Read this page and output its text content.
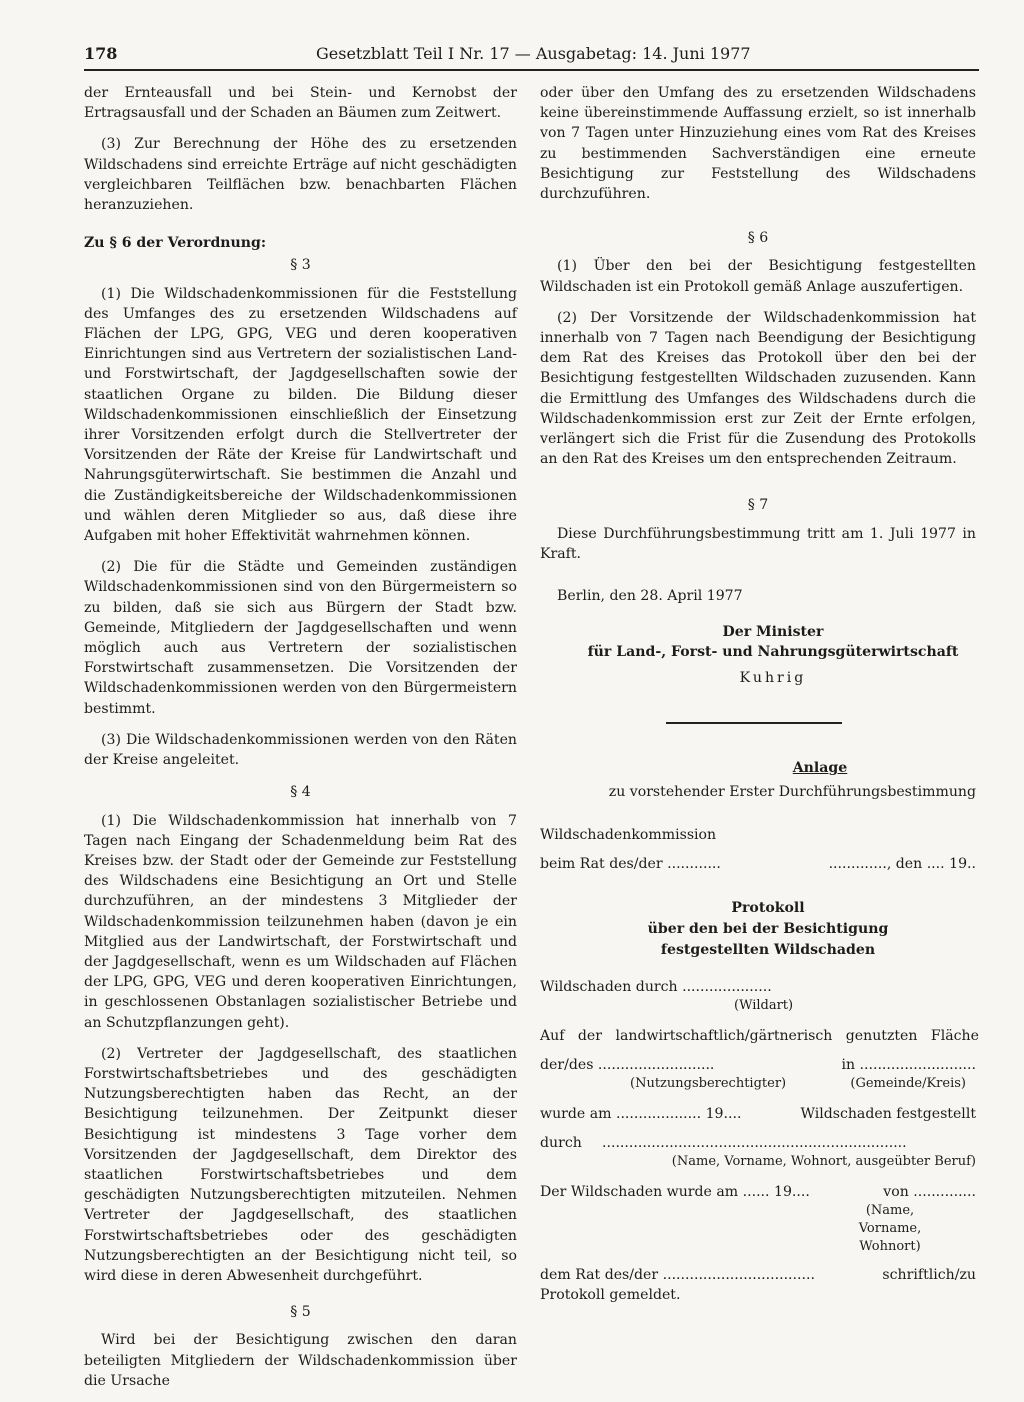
178	Gesetzblatt Teil I Nr. 17 — Ausgabetag: 14. Juni 1977

der Ernteausfall und bei Stein- und Kernobst der Ertragsausfall und der Schaden an Bäumen zum Zeitwert.

(3) Zur Berechnung der Höhe des zu ersetzenden Wildschadens sind erreichte Erträge auf nicht geschädigten vergleichbaren Teilflächen bzw. benachbarten Flächen heranzuziehen.

Zu § 6 der Verordnung:
§ 3

(1) Die Wildschadenkommissionen für die Feststellung des Umfanges des zu ersetzenden Wildschadens auf Flächen der LPG, GPG, VEG und deren kooperativen Einrichtungen sind aus Vertretern der sozialistischen Land- und Forstwirtschaft, der Jagdgesellschaften sowie der staatlichen Organe zu bilden. Die Bildung dieser Wildschadenkommissionen einschließlich der Einsetzung ihrer Vorsitzenden erfolgt durch die Stellvertreter der Vorsitzenden der Räte der Kreise für Landwirtschaft und Nahrungsgüterwirtschaft. Sie bestimmen die Anzahl und die Zuständigkeitsbereiche der Wildschadenkommissionen und wählen deren Mitglieder so aus, daß diese ihre Aufgaben mit hoher Effektivität wahrnehmen können.

(2) Die für die Städte und Gemeinden zuständigen Wildschadenkommissionen sind von den Bürgermeistern so zu bilden, daß sie sich aus Bürgern der Stadt bzw. Gemeinde, Mitgliedern der Jagdgesellschaften und wenn möglich auch aus Vertretern der sozialistischen Forstwirtschaft zusammensetzen. Die Vorsitzenden der Wildschadenkommissionen werden von den Bürgermeistern bestimmt.

(3) Die Wildschadenkommissionen werden von den Räten der Kreise angeleitet.

§ 4

(1) Die Wildschadenkommission hat innerhalb von 7 Tagen nach Eingang der Schadenmeldung beim Rat des Kreises bzw. der Stadt oder der Gemeinde zur Feststellung des Wildschadens eine Besichtigung an Ort und Stelle durchzuführen, an der mindestens 3 Mitglieder der Wildschadenkommission teilzunehmen haben (davon je ein Mitglied aus der Landwirtschaft, der Forstwirtschaft und der Jagdgesellschaft, wenn es um Wildschaden auf Flächen der LPG, GPG, VEG und deren kooperativen Einrichtungen, in geschlossenen Obstanlagen sozialistischer Betriebe und an Schutzpflanzungen geht).

(2) Vertreter der Jagdgesellschaft, des staatlichen Forstwirtschaftsbetriebes und des geschädigten Nutzungsberechtigten haben das Recht, an der Besichtigung teilzunehmen. Der Zeitpunkt dieser Besichtigung ist mindestens 3 Tage vorher dem Vorsitzenden der Jagdgesellschaft, dem Direktor des staatlichen Forstwirtschaftsbetriebes und dem geschädigten Nutzungsberechtigten mitzuteilen. Nehmen Vertreter der Jagdgesellschaft, des staatlichen Forstwirtschaftsbetriebes oder des geschädigten Nutzungsberechtigten an der Besichtigung nicht teil, so wird diese in deren Abwesenheit durchgeführt.

§ 5

Wird bei der Besichtigung zwischen den daran beteiligten Mitgliedern der Wildschadenkommission über die Ursache

oder über den Umfang des zu ersetzenden Wildschadens keine übereinstimmende Auffassung erzielt, so ist innerhalb von 7 Tagen unter Hinzuziehung eines vom Rat des Kreises zu bestimmenden Sachverständigen eine erneute Besichtigung zur Feststellung des Wildschadens durchzuführen.

§ 6

(1) Über den bei der Besichtigung festgestellten Wildschaden ist ein Protokoll gemäß Anlage auszufertigen.

(2) Der Vorsitzende der Wildschadenkommission hat innerhalb von 7 Tagen nach Beendigung der Besichtigung dem Rat des Kreises das Protokoll über den bei der Besichtigung festgestellten Wildschaden zuzusenden. Kann die Ermittlung des Umfanges des Wildschadens durch die Wildschadenkommission erst zur Zeit der Ernte erfolgen, verlängert sich die Frist für die Zusendung des Protokolls an den Rat des Kreises um den entsprechenden Zeitraum.

§ 7

Diese Durchführungsbestimmung tritt am 1. Juli 1977 in Kraft.

Berlin, den 28. April 1977

Der Minister
für Land-, Forst- und Nahrungsgüterwirtschaft
Kuhrig
Anlage
zu vorstehender Erster Durchführungsbestimmung
Wildschadenkommission
beim Rat des/der ............	............., den .... 19..
Protokoll
über den bei der Besichtigung
festgestellten Wildschaden
Wildschaden durch ....................
(Wildart)
Auf   der   landwirtschaftlich/gärtnerisch   genutzten   Fläche
der/des ..........................	in ..........................
(Nutzungsberechtigter)	(Gemeinde/Kreis)
wurde am ................... 19....	Wildschaden festgestellt
durch ....................................................................
(Name, Vorname, Wohnort, ausgeübter Beruf)
Der Wildschaden wurde am ...... 19....	von ..............
(Name,
Vorname,
Wohnort)
dem Rat des/der ..................................	schriftlich/zu
Protokoll gemeldet.
